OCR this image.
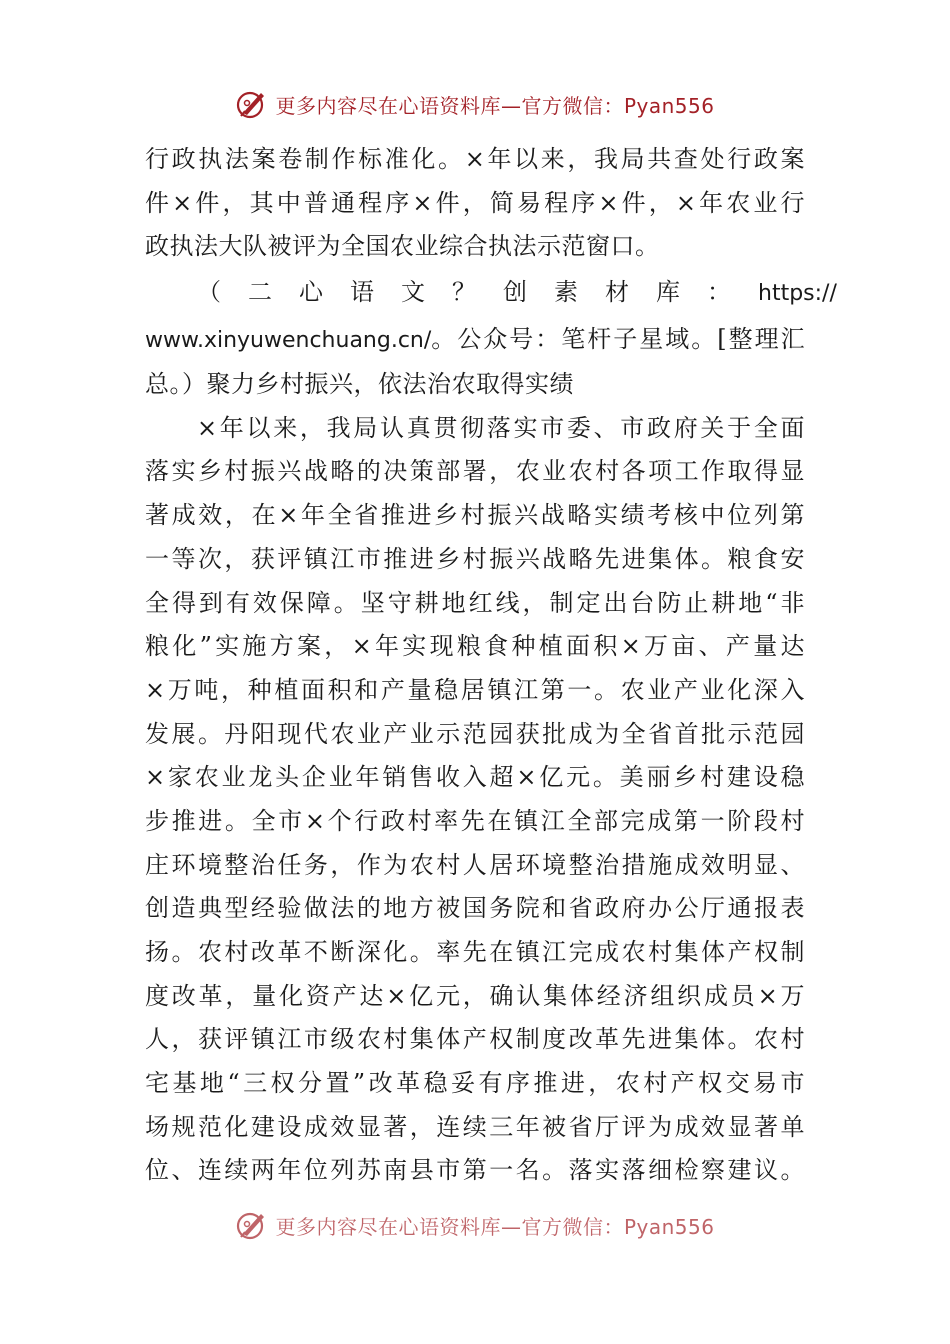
更多内容尽在心语资料库—官方微信：Pyan556
行政执法案卷制作标准化。×年以来，我局共查处行政案
件×件，其中普通程序×件，简易程序×件，×年农业行
政执法大队被评为全国农业综合执法示范窗口。
（二心语文？创素材库：https://
www.xinyuwenchuang.cn/。公众号：笔杆子星域。[整理汇
总。）聚力乡村振兴，依法治农取得实绩
×年以来，我局认真贯彻落实市委、市政府关于全面
落实乡村振兴战略的决策部署，农业农村各项工作取得显
著成效，在×年全省推进乡村振兴战略实绩考核中位列第
一等次，获评镇江市推进乡村振兴战略先进集体。粮食安
全得到有效保障。坚守耕地红线，制定出台防止耕地“非
粮化”实施方案，×年实现粮食种植面积×万亩、产量达
×万吨，种植面积和产量稳居镇江第一。农业产业化深入
发展。丹阳现代农业产业示范园获批成为全省首批示范园
×家农业龙头企业年销售收入超×亿元。美丽乡村建设稳
步推进。全市×个行政村率先在镇江全部完成第一阶段村
庄环境整治任务，作为农村人居环境整治措施成效明显、
创造典型经验做法的地方被国务院和省政府办公厅通报表
扬。农村改革不断深化。率先在镇江完成农村集体产权制
度改革，量化资产达×亿元，确认集体经济组织成员×万
人，获评镇江市级农村集体产权制度改革先进集体。农村
宅基地“三权分置”改革稳妥有序推进，农村产权交易市
场规范化建设成效显著，连续三年被省厅评为成效显著单
位、连续两年位列苏南县市第一名。落实落细检察建议。
更多内容尽在心语资料库—官方微信：Pyan556
